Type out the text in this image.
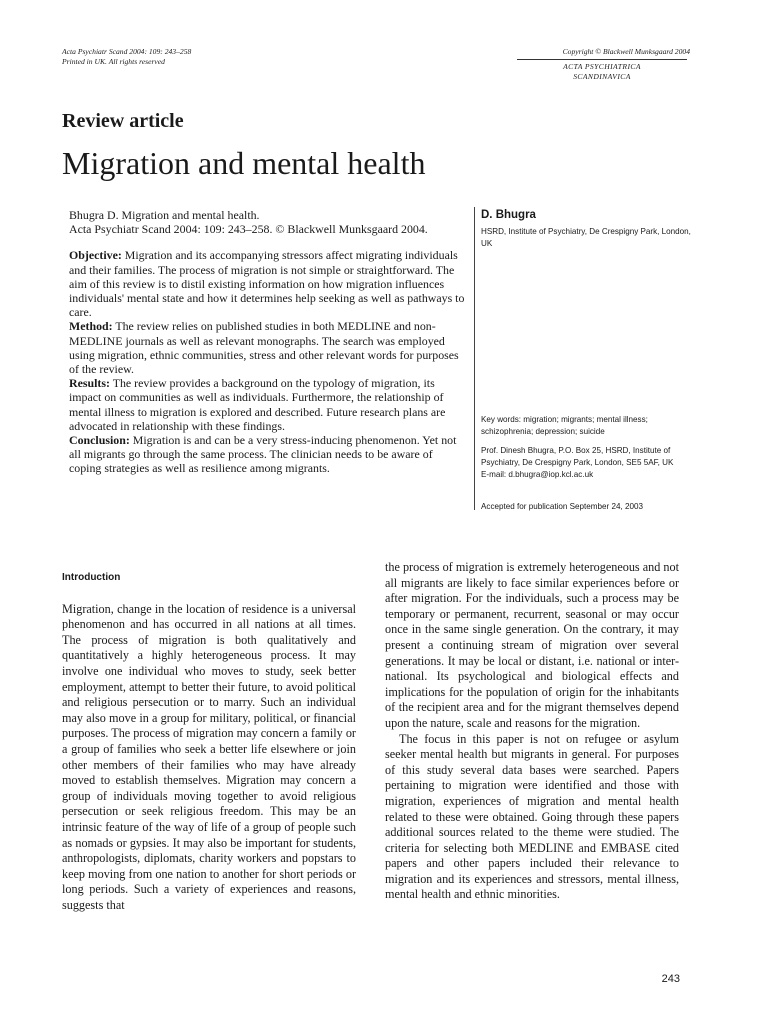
Acta Psychiatr Scand 2004: 109: 243–258
Printed in UK. All rights reserved
Copyright © Blackwell Munksgaard 2004
ACTA PSYCHIATRICA
SCANDINAVICA
Review article
Migration and mental health

Bhugra D. Migration and mental health.
Acta Psychiatr Scand 2004: 109: 243–258. © Blackwell Munksgaard 2004.

Objective: Migration and its accompanying stressors affect migrating individuals and their families. The process of migration is not simple or straightforward. The aim of this review is to distil existing information on how migration influences individuals' mental state and how it determines help seeking as well as pathways to care.

Method: The review relies on published studies in both MEDLINE and non-MEDLINE journals as well as relevant monographs. The search was employed using migration, ethnic communities, stress and other relevant words for purposes of the review.

Results: The review provides a background on the typology of migration, its impact on communities as well as individuals. Furthermore, the relationship of mental illness to migration is explored and described. Future research plans are advocated in relationship with these findings.

Conclusion: Migration is and can be a very stress-inducing phenomenon. Yet not all migrants go through the same process. The clinician needs to be aware of coping strategies as well as resilience among migrants.

D. Bhugra
HSRD, Institute of Psychiatry, De Crespigny Park, London, UK
Key words: migration; migrants; mental illness; schizophrenia; depression; suicide
Prof. Dinesh Bhugra, P.O. Box 25, HSRD, Institute of Psychiatry, De Crespigny Park, London, SE5 5AF, UK
E-mail: d.bhugra@iop.kcl.ac.uk
Accepted for publication September 24, 2003
Introduction

Migration, change in the location of residence is a universal phenomenon and has occurred in all nations at all times. The process of migration is both qualitatively and quantitatively a highly heterogeneous process. It may involve one individual who moves to study, seek better employment, attempt to better their future, to avoid political and religious persecution or to marry. Such an individual may also move in a group for military, political, or financial purposes. The process of migration may concern a family or a group of families who seek a better life elsewhere or join other members of their families who may have already moved to establish themselves. Migration may concern a group of individuals moving together to avoid religious persecution or seek religious freedom. This may be an intrinsic feature of the way of life of a group of people such as nomads or gypsies. It may also be important for students, anthropologists, diplomats, charity workers and popstars to keep moving from one nation to another for short periods or long periods. Such a variety of experiences and reasons, suggests that

the process of migration is extremely heterogeneous and not all migrants are likely to face similar experiences before or after migration. For the individuals, such a process may be temporary or permanent, recurrent, seasonal or may occur once in the same single generation. On the contrary, it may present a continuing stream of migration over several generations. It may be local or distant, i.e. national or inter-national. Its psychological and biological effects and implications for the population of origin for the inhabitants of the recipient area and for the migrant themselves depend upon the nature, scale and reasons for the migration.

The focus in this paper is not on refugee or asylum seeker mental health but migrants in general. For purposes of this study several data bases were searched. Papers pertaining to migration were identified and those with migration, experiences of migration and mental health related to these were obtained. Going through these papers additional sources related to the theme were studied. The criteria for selecting both MEDLINE and EMBASE cited papers and other papers included their relevance to migration and its experiences and stressors, mental illness, mental health and ethnic minorities.

243
